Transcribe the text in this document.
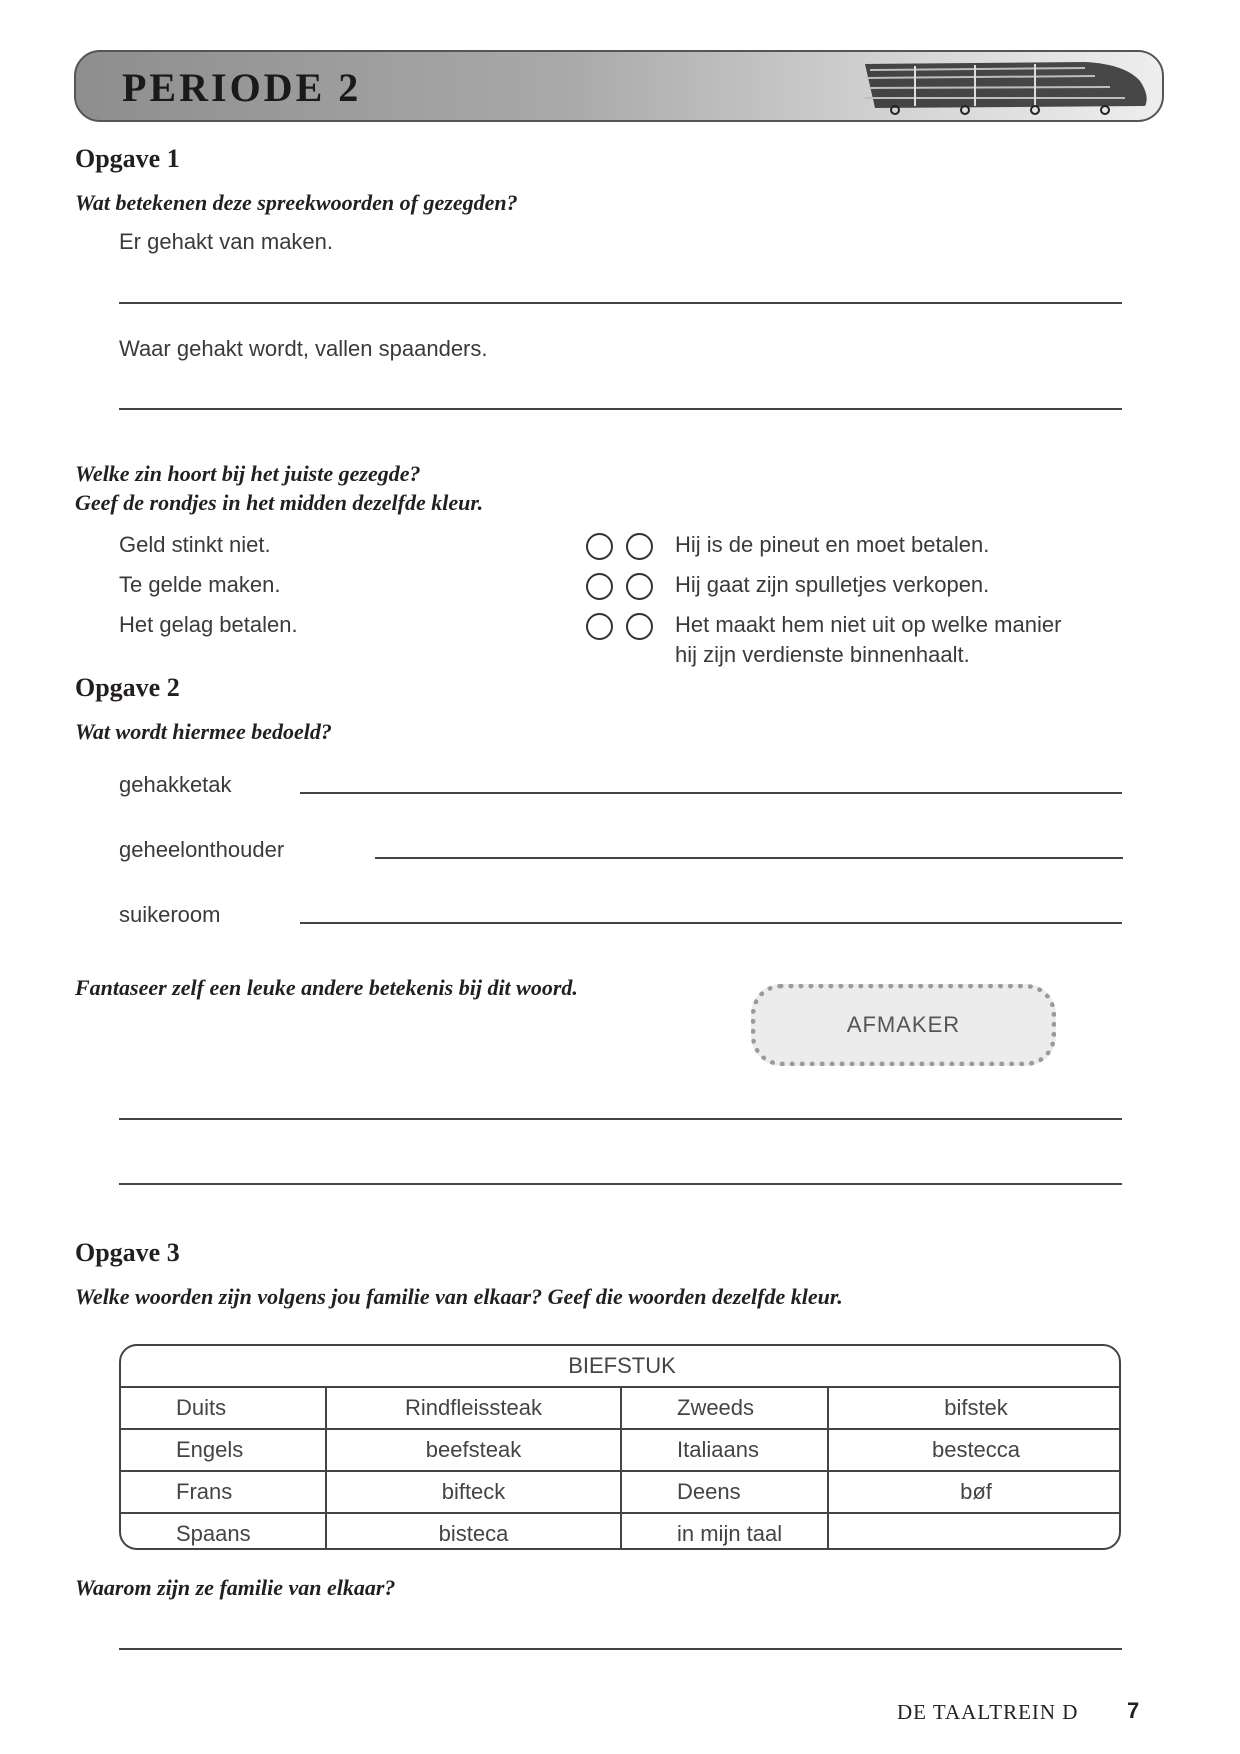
PERIODE 2
Opgave 1
Wat betekenen deze spreekwoorden of gezegden?
Er gehakt van maken.
Waar gehakt wordt, vallen spaanders.
Welke zin hoort bij het juiste gezegde?
Geef de rondjes in het midden dezelfde kleur.
Geld stinkt niet.
Te gelde maken.
Het gelag betalen.
Hij is de pineut en moet betalen.
Hij gaat zijn spulletjes verkopen.
Het maakt hem niet uit op welke manier
hij zijn verdienste binnenhaalt.
Opgave 2
Wat wordt hiermee bedoeld?
gehakketak
geheelonthouder
suikeroom
Fantaseer zelf een leuke andere betekenis bij dit woord.
AFMAKER
Opgave 3
Welke woorden zijn volgens jou familie van elkaar? Geef die woorden dezelfde kleur.
BIEFSTUK			
Duits	Rindfleissteak	Zweeds	bifstek
Engels	beefsteak	Italiaans	bestecca
Frans	bifteck	Deens	bøf
Spaans	bisteca	in mijn taal	
Waarom zijn ze familie van elkaar?
DE TAALTREIN D 7
